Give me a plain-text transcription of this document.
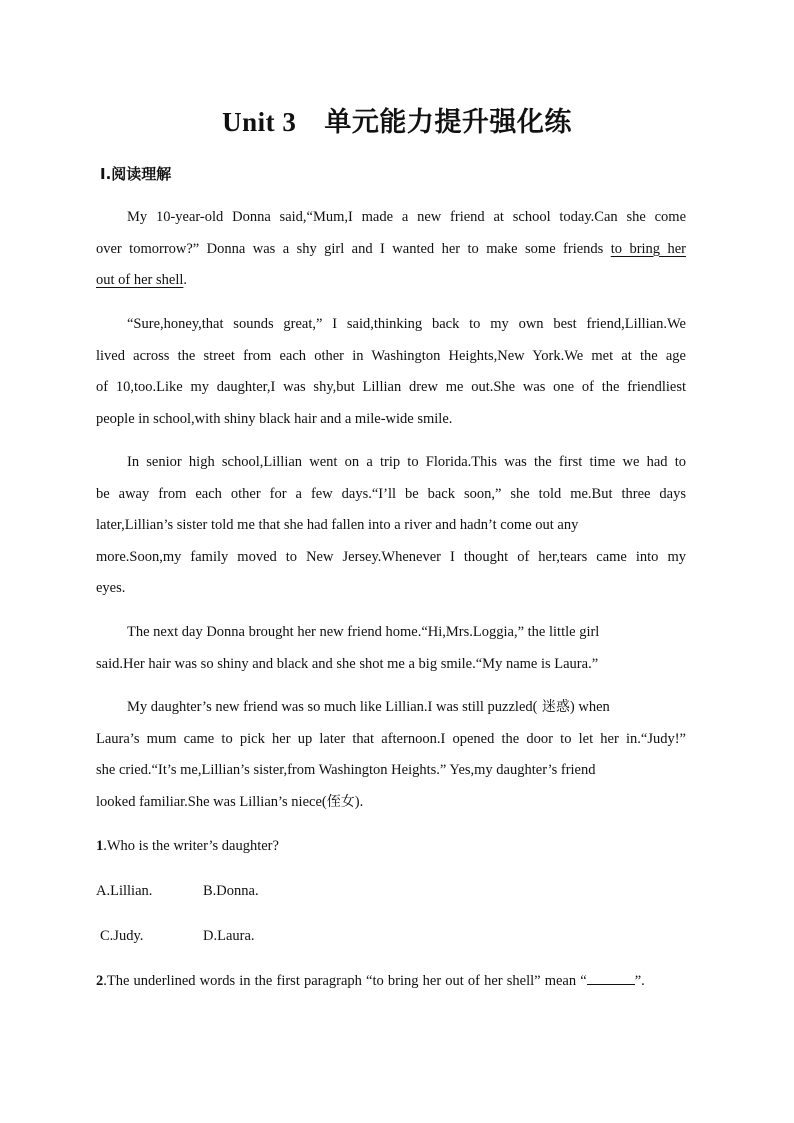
Unit 3 单元能力提升强化练
Ⅰ.阅读理解
My 10-year-old Donna said,“Mum,I made a new friend at school today.Can she come
over tomorrow?” Donna was a shy girl and I wanted her to make some friends to bring her
out of her shell.
“Sure,honey,that sounds great,” I said,thinking back to my own best friend,Lillian.We
lived across the street from each other in Washington Heights,New York.We met at the age
of 10,too.Like my daughter,I was shy,but Lillian drew me out.She was one of the friendliest
people in school,with shiny black hair and a mile-wide smile.
In senior high school,Lillian went on a trip to Florida.This was the first time we had to
be away from each other for a few days.“I’ll be back soon,” she told me.But three days
later,Lillian’s sister told me that she had fallen into a river and hadn’t come out any
more.Soon,my family moved to New Jersey.Whenever I thought of her,tears came into my
eyes.
The next day Donna brought her new friend home.“Hi,Mrs.Loggia,” the little girl
said.Her hair was so shiny and black and she shot me a big smile.“My name is Laura.”
My daughter’s new friend was so much like Lillian.I was still puzzled( 迷惑) when
Laura’s mum came to pick her up later that afternoon.I opened the door to let her in.“Judy!”
she cried.“It’s me,Lillian’s sister,from Washington Heights.” Yes,my daughter’s friend
looked familiar.She was Lillian’s niece(侄女).
1.Who is the writer’s daughter?
A.Lillian.	B.Donna.
C.Judy.	D.Laura.
2.The underlined words in the first paragraph “to bring her out of her shell” mean “	”.
